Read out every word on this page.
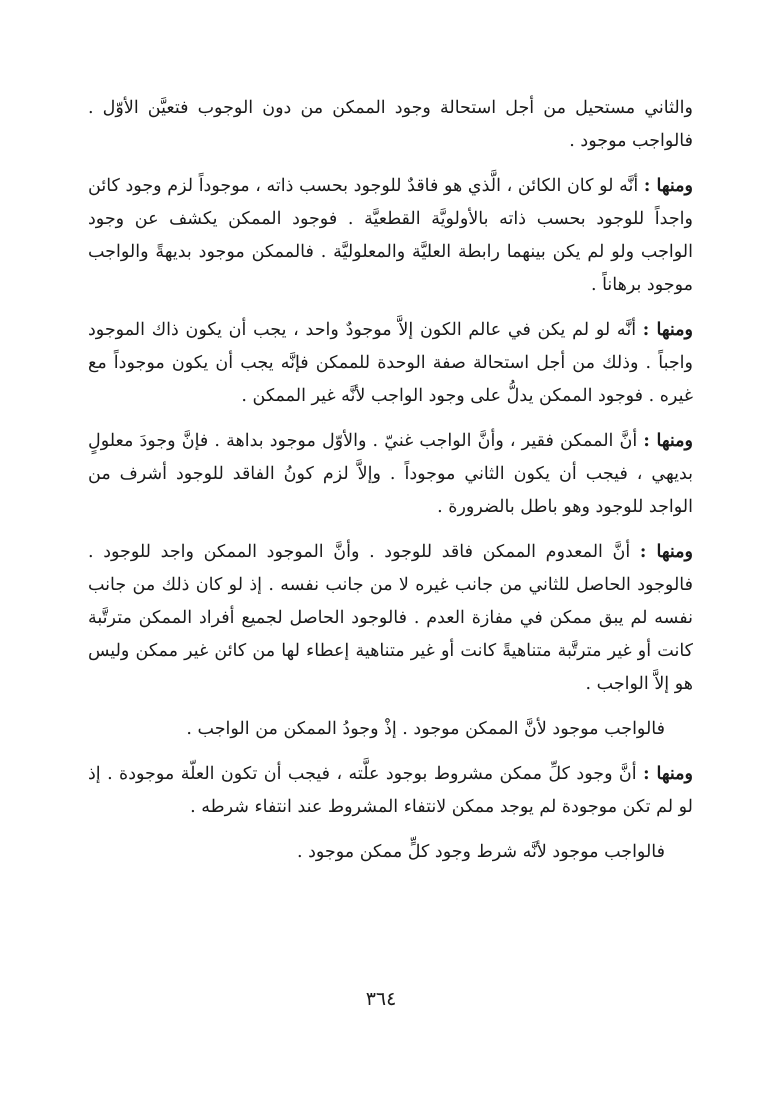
والثاني مستحيل من أجل استحالة وجود الممكن من دون الوجوب فتعيَّن الأوّل . فالواجب موجود .

ومنها : أنَّه لو كان الكائن ، الَّذي هو فاقدٌ للوجود بحسب ذاته ، موجوداً لزم وجود كائن واجداً للوجود بحسب ذاته بالأولويَّة القطعيَّة . فوجود الممكن يكشف عن وجود الواجب ولو لم يكن بينهما رابطة العليَّة والمعلوليَّة . فالممكن موجود بديهةً والواجب موجود برهاناً .

ومنها : أنَّه لو لم يكن في عالم الكون إلاَّ موجودٌ واحد ، يجب أن يكون ذاك الموجود واجباً . وذلك من أجل استحالة صفة الوحدة للممكن فإنَّه يجب أن يكون موجوداً مع غيره . فوجود الممكن يدلُّ على وجود الواجب لأنَّه غير الممكن .

ومنها : أنَّ الممكن فقير ، وأنَّ الواجب غنيّ . والأوّل موجود بداهة . فإنَّ وجودَ معلولٍ بديهي ، فيجب أن يكون الثاني موجوداً . وإلاَّ لزم كونُ الفاقد للوجود أشرف من الواجد للوجود وهو باطل بالضرورة .

ومنها : أنَّ المعدوم الممكن فاقد للوجود . وأنَّ الموجود الممكن واجد للوجود . فالوجود الحاصل للثاني من جانب غيره لا من جانب نفسه . إذ لو كان ذلك من جانب نفسه لم يبق ممكن في مفازة العدم . فالوجود الحاصل لجميع أفراد الممكن مترتَّبة كانت أو غير مترتَّبة متناهيةً كانت أو غير متناهية إعطاء لها من كائن غير ممكن وليس هو إلاَّ الواجب .

فالواجب موجود لأنَّ الممكن موجود . إذْ وجودُ الممكن من الواجب .

ومنها : أنَّ وجود كلِّ ممكن مشروط بوجود علَّته ، فيجب أن تكون العلّة موجودة . إذ لو لم تكن موجودة لم يوجد ممكن لانتفاء المشروط عند انتفاء شرطه .

فالواجب موجود لأنَّه شرط وجود كلٍّ ممكن موجود .

٣٦٤
